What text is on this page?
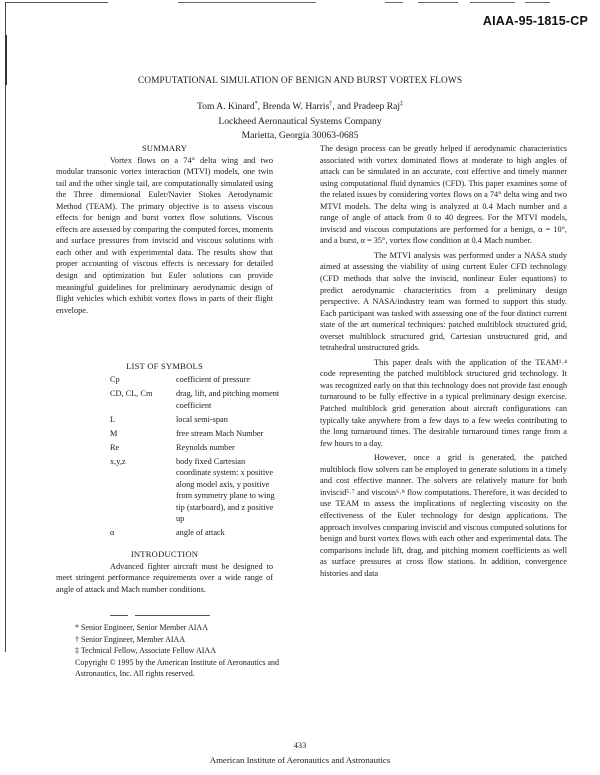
AIAA-95-1815-CP
COMPUTATIONAL SIMULATION OF BENIGN AND BURST VORTEX FLOWS
Tom A. Kinard*, Brenda W. Harris†, and Pradeep Raj‡
Lockheed Aeronautical Systems Company
Marietta, Georgia 30063-0685
SUMMARY

Vortex flows on a 74° delta wing and two modular transonic vortex interaction (MTVI) models, one twin tail and the other single tail, are computationally simulated using the Three dimensional Euler/Navier Stokes Aerodynamic Method (TEAM). The primary objective is to assess viscous effects for benign and burst vortex flow solutions. Viscous effects are assessed by comparing the computed forces, moments and surface pressures from inviscid and viscous solutions with each other and with experimental data. The results show that proper accounting of viscous effects is necessary for detailed design and optimization but Euler solutions can provide meaningful guidelines for preliminary aerodynamic design of flight vehicles which exhibit vortex flows in parts of their flight envelope.

LIST OF SYMBOLS
Cp	coefficient of pressure
CD, CL, Cm	drag, lift, and pitching moment coefficient
L	local semi-span
M	free stream Mach Number
Re	Reynolds number
x,y,z	body fixed Cartesian coordinate system: x positive along model axis, y positive from symmetry plane to wing tip (starboard), and z positive up
α	angle of attack
INTRODUCTION

Advanced fighter aircraft must be designed to meet stringent performance requirements over a wide range of angle of attack and Mach number conditions.

* Senior Engineer, Senior Member AIAA
† Senior Engineer, Member AIAA
‡ Technical Fellow, Associate Fellow AIAA
Copyright © 1995 by the American Institute of Aeronautics and Astronautics, Inc. All rights reserved.

The design process can be greatly helped if aerodynamic characteristics associated with vortex dominated flows at moderate to high angles of attack can be simulated in an accurate, cost effective and timely manner using computational fluid dynamics (CFD). This paper examines some of the related issues by considering vortex flows on a 74° delta wing and two MTVI models. The delta wing is analyzed at 0.4 Mach number and a range of angle of attack from 0 to 40 degrees. For the MTVI models, inviscid and viscous computations are performed for a benign, α = 10°, and a burst, α = 35°, vortex flow condition at 0.4 Mach number.

The MTVI analysis was performed under a NASA study aimed at assessing the viability of using current Euler CFD technology (CFD methods that solve the inviscid, nonlinear Euler equations) to predict aerodynamic characteristics from a preliminary design perspective. A NASA/industry team was formed to support this study. Each participant was tasked with assessing one of the four distinct current state of the art numerical techniques: patched multiblock structured grid, overset multiblock structured grid, Cartesian unstructured grid, and tetrahedral unstructured grids.

This paper deals with the application of the TEAM¹˒⁴ code representing the patched multiblock structured grid technology. It was recognized early on that this technology does not provide fast enough turnaround to be fully effective in a typical preliminary design exercise. Patched multiblock grid generation about aircraft configurations can typically take anywhere from a few days to a few weeks contributing to the long turnaround times. The desirable turnaround times range from a few hours to a day.

However, once a grid is generated, the patched multiblock flow solvers can be employed to generate solutions in a timely and cost effective manner. The solvers are relatively mature for both inviscid⁵˒⁷ and viscous⁶˒⁸ flow computations. Therefore, it was decided to use TEAM to assess the implications of neglecting viscosity on the effectiveness of the Euler technology for design applications. The approach involves comparing inviscid and viscous computed solutions for benign and burst vortex flows with each other and experimental data. The comparisons include lift, drag, and pitching moment coefficients as well as surface pressures at cross flow stations. In addition, convergence histories and data

433
American Institute of Aeronautics and Astronautics
